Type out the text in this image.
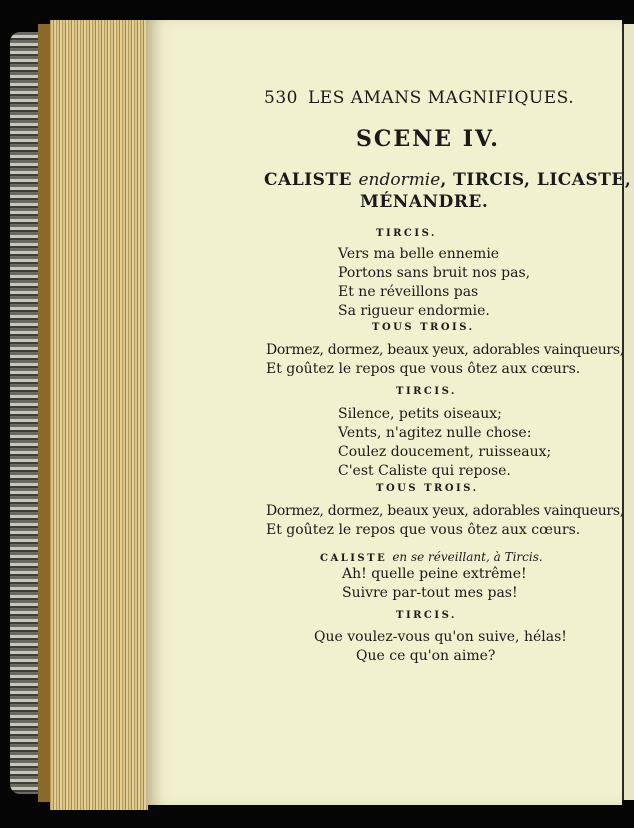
530 LES AMANS MAGNIFIQUES.
SCENE IV.
CALISTE endormie, TIRCIS, LICASTE,
MÉNANDRE.
TIRCIS.
Vers ma belle ennemie
Portons sans bruit nos pas,
Et ne réveillons pas
Sa rigueur endormie.
TOUS TROIS.
Dormez, dormez, beaux yeux, adorables vainqueurs,
Et goûtez le repos que vous ôtez aux cœurs.
TIRCIS.
Silence, petits oiseaux;
Vents, n'agitez nulle chose:
Coulez doucement, ruisseaux;
C'est Caliste qui repose.
TOUS TROIS.
Dormez, dormez, beaux yeux, adorables vainqueurs,
Et goûtez le repos que vous ôtez aux cœurs.
CALISTE en se réveillant, à Tircis.
Ah! quelle peine extrême!
Suivre par-tout mes pas!
TIRCIS.
Que voulez-vous qu'on suive, hélas!
Que ce qu'on aime?
